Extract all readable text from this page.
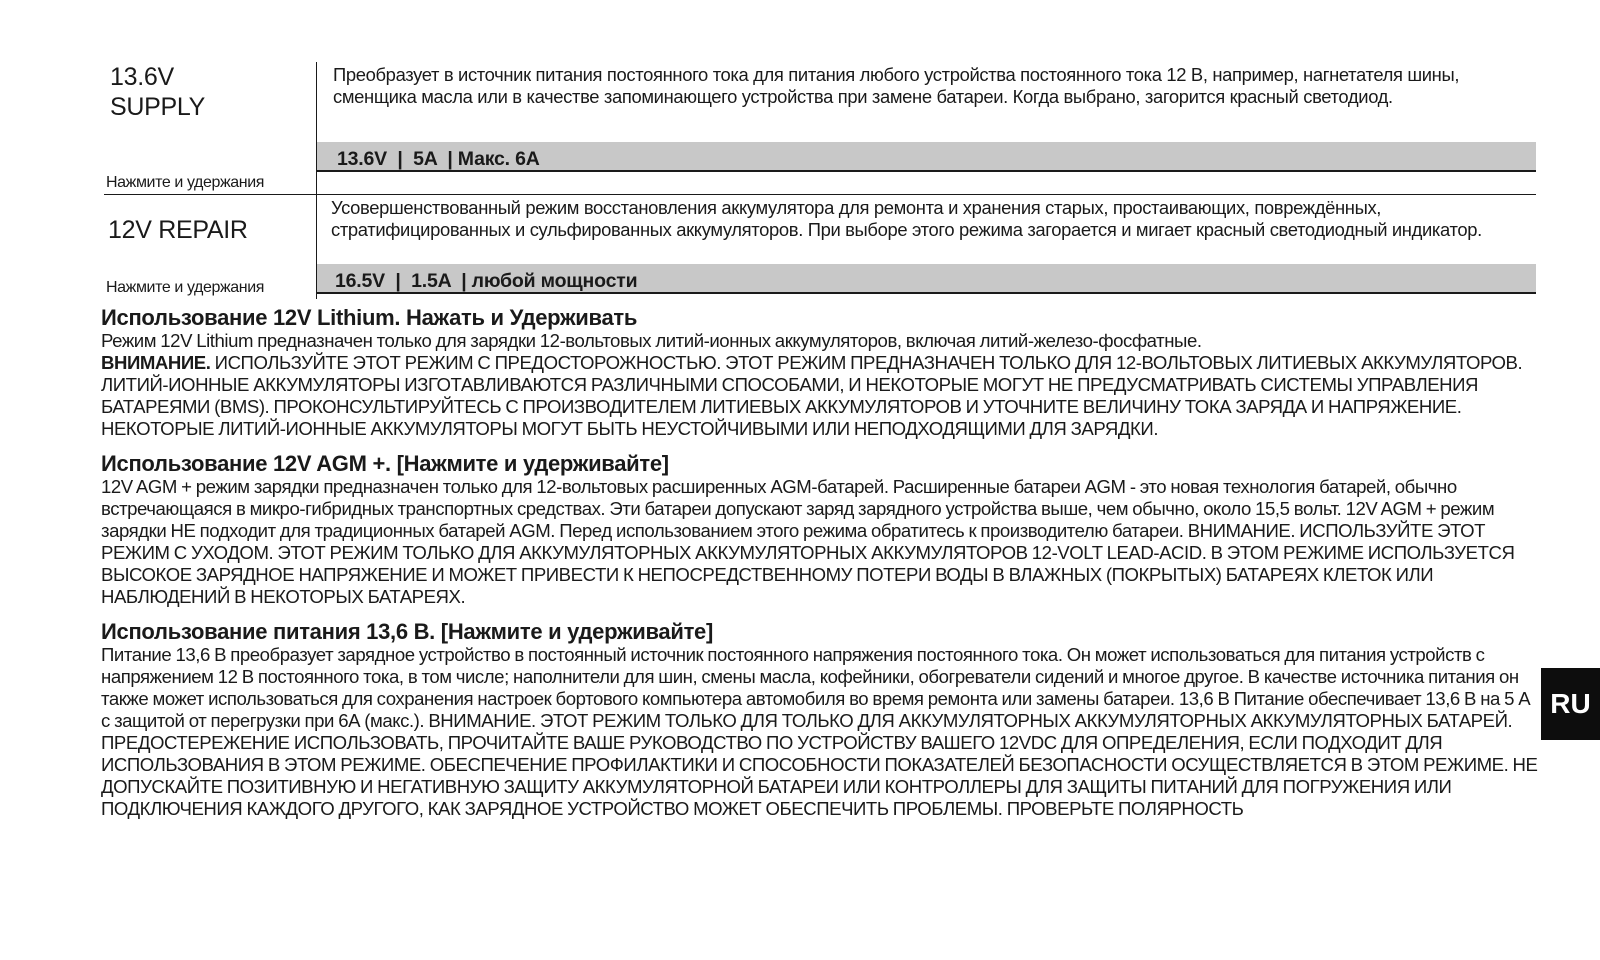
13.6V
SUPPLY
Нажмите и удержания
Преобразует в источник питания постоянного тока для питания любого устройства постоянного тока 12 В, например, нагнетателя шины, сменщика масла или в качестве запоминающего устройства при замене батареи. Когда выбрано, загорится красный светодиод.
13.6V  |  5A  | Макс. 6A
12V REPAIR
Нажмите и удержания
Усовершенствованный режим восстановления аккумулятора для ремонта и хранения старых, простаивающих, повреждённых, стратифицированных и сульфированных аккумуляторов. При выборе этого режима загорается и мигает красный светодиодный индикатор.
16.5V  |  1.5A  | любой мощности
Использование 12V Lithium. Нажать и Удерживать

Режим 12V Lithium предназначен только для зарядки 12-вольтовых литий-ионных аккумуляторов, включая литий-железо-фосфатные.
ВНИМАНИЕ. ИСПОЛЬЗУЙТЕ ЭТОТ РЕЖИМ С ПРЕДОСТОРОЖНОСТЬЮ. ЭТОТ РЕЖИМ ПРЕДНАЗНАЧЕН ТОЛЬКО ДЛЯ 12-ВОЛЬТОВЫХ ЛИТИЕВЫХ АККУМУЛЯТОРОВ. ЛИТИЙ-ИОННЫЕ АККУМУЛЯТОРЫ ИЗГОТАВЛИВАЮТСЯ РАЗЛИЧНЫМИ СПОСОБАМИ, И НЕКОТОРЫЕ МОГУТ НЕ ПРЕДУСМАТРИВАТЬ СИСТЕМЫ УПРАВЛЕНИЯ БАТАРЕЯМИ (BMS). ПРОКОНСУЛЬТИРУЙТЕСЬ С ПРОИЗВОДИТЕЛЕМ ЛИТИЕВЫХ АККУМУЛЯТОРОВ И УТОЧНИТЕ ВЕЛИЧИНУ ТОКА ЗАРЯДА И НАПРЯЖЕНИЕ. НЕКОТОРЫЕ ЛИТИЙ-ИОННЫЕ АККУМУЛЯТОРЫ МОГУТ БЫТЬ НЕУСТОЙЧИВЫМИ ИЛИ НЕПОДХОДЯЩИМИ ДЛЯ ЗАРЯДКИ.

Использование 12V AGM +. [Нажмите и удерживайте]

12V AGM + режим зарядки предназначен только для 12-вольтовых расширенных AGM-батарей. Расширенные батареи AGM - это новая технология батарей, обычно встречающаяся в микро-гибридных транспортных средствах. Эти батареи допускают заряд зарядного устройства выше, чем обычно, около 15,5 вольт. 12V AGM + режим зарядки НЕ подходит для традиционных батарей AGM. Перед использованием этого режима обратитесь к производителю батареи. ВНИМАНИЕ. ИСПОЛЬЗУЙТЕ ЭТОТ РЕЖИМ С УХОДОМ. ЭТОТ РЕЖИМ ТОЛЬКО ДЛЯ АККУМУЛЯТОРНЫХ АККУМУЛЯТОРНЫХ АККУМУЛЯТОРОВ 12-VOLT LEAD-ACID. В ЭТОМ РЕЖИМЕ ИСПОЛЬЗУЕТСЯ ВЫСОКОЕ ЗАРЯДНОЕ НАПРЯЖЕНИЕ И МОЖЕТ ПРИВЕСТИ К НЕПОСРЕДСТВЕННОМУ ПОТЕРИ ВОДЫ В ВЛАЖНЫХ (ПОКРЫТЫХ) БАТАРЕЯХ КЛЕТОК ИЛИ НАБЛЮДЕНИЙ В НЕКОТОРЫХ БАТАРЕЯХ.

Использование питания 13,6 В. [Нажмите и удерживайте]

Питание 13,6 В преобразует зарядное устройство в постоянный источник постоянного напряжения постоянного тока. Он может использоваться для питания устройств с напряжением 12 В постоянного тока, в том числе; наполнители для шин, смены масла, кофейники, обогреватели сидений и многое другое. В качестве источника питания он также может использоваться для сохранения настроек бортового компьютера автомобиля во время ремонта или замены батареи. 13,6 В Питание обеспечивает 13,6 В на 5 А с защитой от перегрузки при 6А (макс.). ВНИМАНИЕ. ЭТОТ РЕЖИМ ТОЛЬКО ДЛЯ ТОЛЬКО ДЛЯ АККУМУЛЯТОРНЫХ АККУМУЛЯТОРНЫХ АККУМУЛЯТОРНЫХ БАТАРЕЙ. ПРЕДОСТЕРЕЖЕНИЕ ИСПОЛЬЗОВАТЬ, ПРОЧИТАЙТЕ ВАШЕ РУКОВОДСТВО ПО УСТРОЙСТВУ ВАШЕГО 12VDC ДЛЯ ОПРЕДЕЛЕНИЯ, ЕСЛИ ПОДХОДИТ ДЛЯ ИСПОЛЬЗОВАНИЯ В ЭТОМ РЕЖИМЕ. ОБЕСПЕЧЕНИЕ ПРОФИЛАКТИКИ И СПОСОБНОСТИ ПОКАЗАТЕЛЕЙ БЕЗОПАСНОСТИ ОСУЩЕСТВЛЯЕТСЯ В ЭТОМ РЕЖИМЕ. НЕ ДОПУСКАЙТЕ ПОЗИТИВНУЮ И НЕГАТИВНУЮ ЗАЩИТУ АККУМУЛЯТОРНОЙ БАТАРЕИ ИЛИ КОНТРОЛЛЕРЫ ДЛЯ ЗАЩИТЫ ПИТАНИЙ ДЛЯ ПОГРУЖЕНИЯ ИЛИ ПОДКЛЮЧЕНИЯ КАЖДОГО ДРУГОГО, КАК ЗАРЯДНОЕ УСТРОЙСТВО МОЖЕТ ОБЕСПЕЧИТЬ ПРОБЛЕМЫ. ПРОВЕРЬТЕ ПОЛЯРНОСТЬ

RU
